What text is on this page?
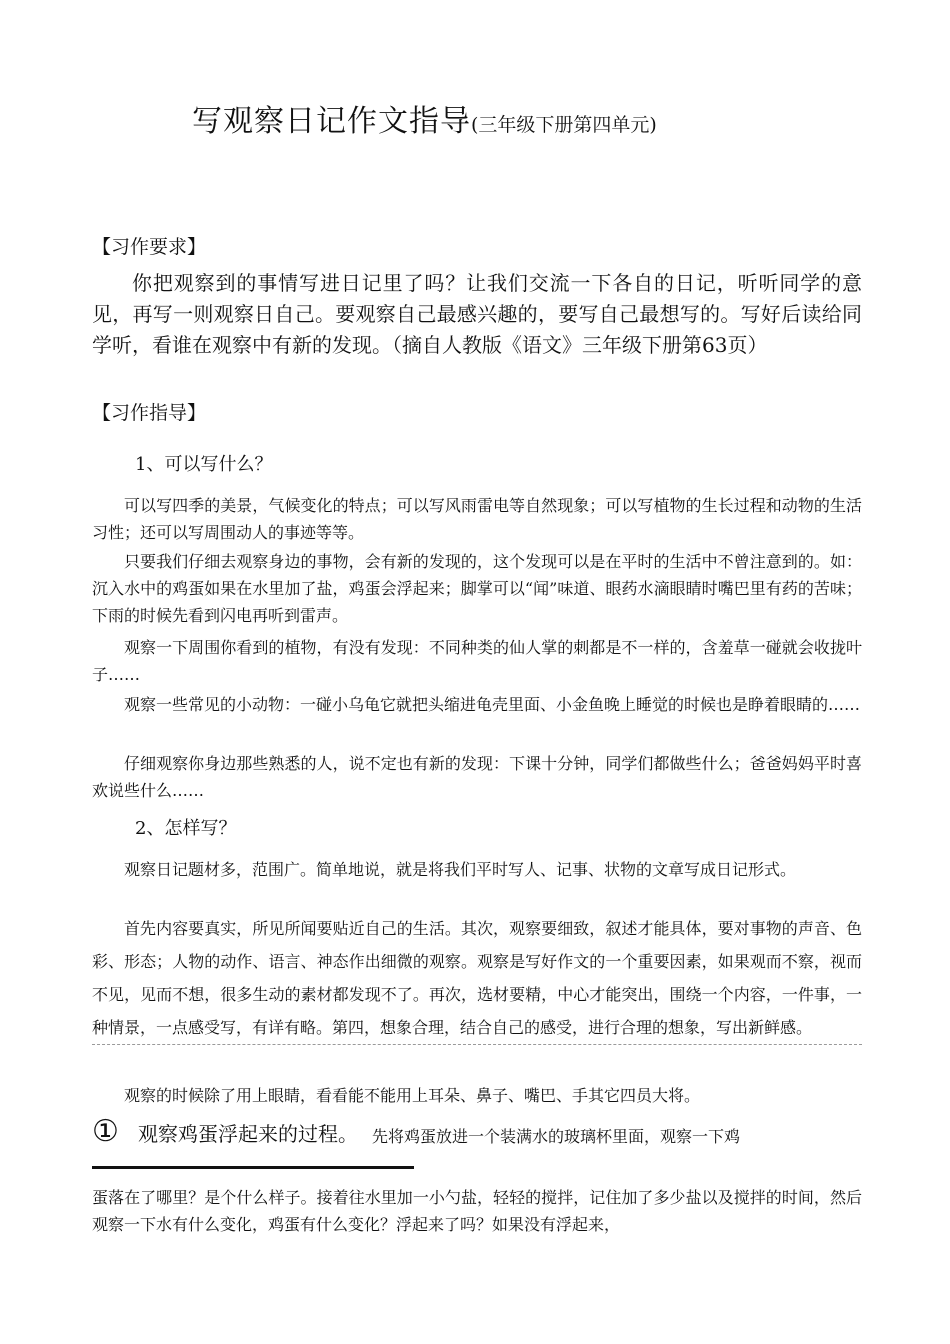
写观察日记作文指导(三年级下册第四单元)
【习作要求】
你把观察到的事情写进日记里了吗？让我们交流一下各自的日记，听听同学的意见，再写一则观察日自己。要观察自己最感兴趣的，要写自己最想写的。写好后读给同学听，看谁在观察中有新的发现。（摘自人教版《语文》三年级下册第63页）
【习作指导】
1、可以写什么？
可以写四季的美景，气候变化的特点；可以写风雨雷电等自然现象；可以写植物的生长过程和动物的生活习性；还可以写周围动人的事迹等等。
只要我们仔细去观察身边的事物，会有新的发现的，这个发现可以是在平时的生活中不曾注意到的。如：沉入水中的鸡蛋如果在水里加了盐，鸡蛋会浮起来；脚掌可以“闻”味道、眼药水滴眼睛时嘴巴里有药的苦味；下雨的时候先看到闪电再听到雷声。
观察一下周围你看到的植物，有没有发现：不同种类的仙人掌的刺都是不一样的，含羞草一碰就会收拢叶子……
观察一些常见的小动物：一碰小乌龟它就把头缩进龟壳里面、小金鱼晚上睡觉的时候也是睁着眼睛的……
仔细观察你身边那些熟悉的人，说不定也有新的发现：下课十分钟，同学们都做些什么；爸爸妈妈平时喜欢说些什么……
2、怎样写？
观察日记题材多，范围广。简单地说，就是将我们平时写人、记事、状物的文章写成日记形式。
首先内容要真实，所见所闻要贴近自己的生活。其次，观察要细致，叙述才能具体，要对事物的声音、色彩、形态；人物的动作、语言、神态作出细微的观察。观察是写好作文的一个重要因素，如果观而不察，视而不见，见而不想，很多生动的素材都发现不了。再次，选材要精，中心才能突出，围绕一个内容，一件事，一种情景，一点感受写，有详有略。第四，想象合理，结合自己的感受，进行合理的想象，写出新鲜感。
观察的时候除了用上眼睛，看看能不能用上耳朵、鼻子、嘴巴、手其它四员大将。
① 观察鸡蛋浮起来的过程。 先将鸡蛋放进一个装满水的玻璃杯里面，观察一下鸡
蛋落在了哪里？是个什么样子。接着往水里加一小勺盐，轻轻的搅拌，记住加了多少盐以及搅拌的时间，然后观察一下水有什么变化，鸡蛋有什么变化？浮起来了吗？如果没有浮起来，
